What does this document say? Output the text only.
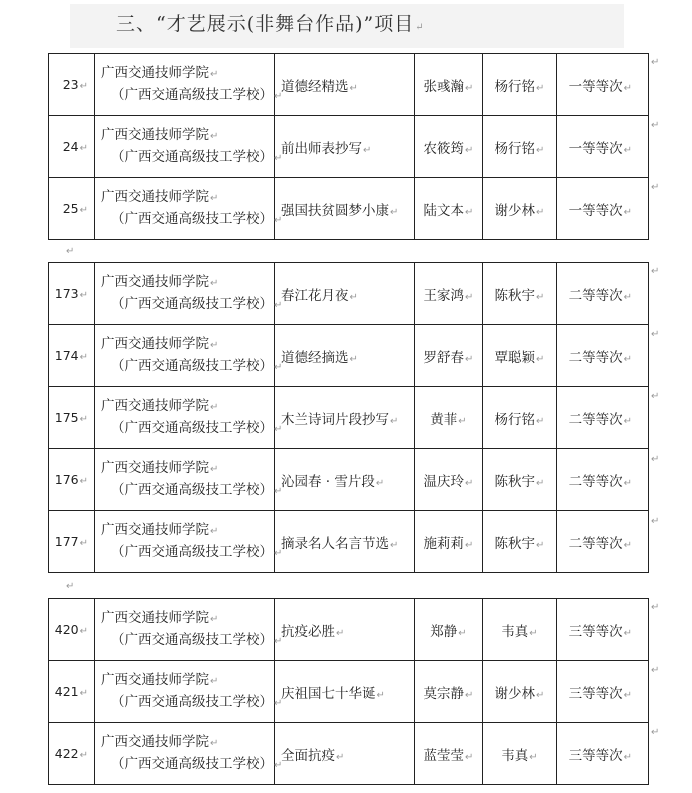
三、“才艺展示(非舞台作品)”项目↵
23↵	广西交通技师学院↵
（广西交通高级技工学校）↵	道德经精选↵	张彧瀚↵	杨行铭↵	一等等次↵
24↵	广西交通技师学院↵
（广西交通高级技工学校）↵	前出师表抄写↵	农筱筠↵	杨行铭↵	一等等次↵
25↵	广西交通技师学院↵
（广西交通高级技工学校）↵	强国扶贫圆梦小康↵	陆文本↵	谢少林↵	一等等次↵
↵
173↵	广西交通技师学院↵
（广西交通高级技工学校）↵	春江花月夜↵	王家鸿↵	陈秋宇↵	二等等次↵
174↵	广西交通技师学院↵
（广西交通高级技工学校）↵	道德经摘选↵	罗舒春↵	覃聪颖↵	二等等次↵
175↵	广西交通技师学院↵
（广西交通高级技工学校）↵	木兰诗词片段抄写↵	黄菲↵	杨行铭↵	二等等次↵
176↵	广西交通技师学院↵
（广西交通高级技工学校）↵	沁园春 · 雪片段↵	温庆玲↵	陈秋宇↵	二等等次↵
177↵	广西交通技师学院↵
（广西交通高级技工学校）↵	摘录名人名言节选↵	施莉莉↵	陈秋宇↵	二等等次↵
↵
420↵	广西交通技师学院↵
（广西交通高级技工学校）↵	抗疫必胜↵	郑静↵	韦真↵	三等等次↵
421↵	广西交通技师学院↵
（广西交通高级技工学校）↵	庆祖国七十华诞↵	莫宗静↵	谢少林↵	三等等次↵
422↵	广西交通技师学院↵
（广西交通高级技工学校）↵	全面抗疫↵	蓝莹莹↵	韦真↵	三等等次↵
↵
↵
↵
↵
↵
↵
↵
↵
↵
↵
↵
